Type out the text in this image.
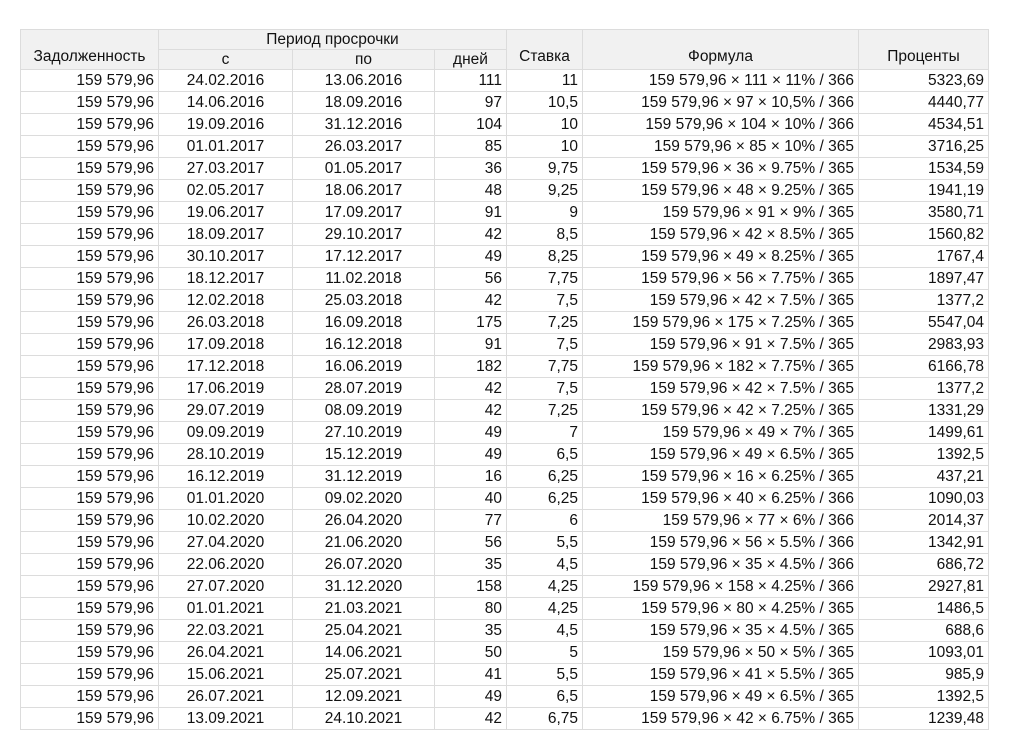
Задолженность	Период просрочки			Ставка	Формула	Проценты
	с	по	дней			
159 579,96	24.02.2016	13.06.2016	111	11	159 579,96 × 111 × 11% / 366	5323,69
159 579,96	14.06.2016	18.09.2016	97	10,5	159 579,96 × 97 × 10,5% / 366	4440,77
159 579,96	19.09.2016	31.12.2016	104	10	159 579,96 × 104 × 10% / 366	4534,51
159 579,96	01.01.2017	26.03.2017	85	10	159 579,96 × 85 × 10% / 365	3716,25
159 579,96	27.03.2017	01.05.2017	36	9,75	159 579,96 × 36 × 9.75% / 365	1534,59
159 579,96	02.05.2017	18.06.2017	48	9,25	159 579,96 × 48 × 9.25% / 365	1941,19
159 579,96	19.06.2017	17.09.2017	91	9	159 579,96 × 91 × 9% / 365	3580,71
159 579,96	18.09.2017	29.10.2017	42	8,5	159 579,96 × 42 × 8.5% / 365	1560,82
159 579,96	30.10.2017	17.12.2017	49	8,25	159 579,96 × 49 × 8.25% / 365	1767,4
159 579,96	18.12.2017	11.02.2018	56	7,75	159 579,96 × 56 × 7.75% / 365	1897,47
159 579,96	12.02.2018	25.03.2018	42	7,5	159 579,96 × 42 × 7.5% / 365	1377,2
159 579,96	26.03.2018	16.09.2018	175	7,25	159 579,96 × 175 × 7.25% / 365	5547,04
159 579,96	17.09.2018	16.12.2018	91	7,5	159 579,96 × 91 × 7.5% / 365	2983,93
159 579,96	17.12.2018	16.06.2019	182	7,75	159 579,96 × 182 × 7.75% / 365	6166,78
159 579,96	17.06.2019	28.07.2019	42	7,5	159 579,96 × 42 × 7.5% / 365	1377,2
159 579,96	29.07.2019	08.09.2019	42	7,25	159 579,96 × 42 × 7.25% / 365	1331,29
159 579,96	09.09.2019	27.10.2019	49	7	159 579,96 × 49 × 7% / 365	1499,61
159 579,96	28.10.2019	15.12.2019	49	6,5	159 579,96 × 49 × 6.5% / 365	1392,5
159 579,96	16.12.2019	31.12.2019	16	6,25	159 579,96 × 16 × 6.25% / 365	437,21
159 579,96	01.01.2020	09.02.2020	40	6,25	159 579,96 × 40 × 6.25% / 366	1090,03
159 579,96	10.02.2020	26.04.2020	77	6	159 579,96 × 77 × 6% / 366	2014,37
159 579,96	27.04.2020	21.06.2020	56	5,5	159 579,96 × 56 × 5.5% / 366	1342,91
159 579,96	22.06.2020	26.07.2020	35	4,5	159 579,96 × 35 × 4.5% / 366	686,72
159 579,96	27.07.2020	31.12.2020	158	4,25	159 579,96 × 158 × 4.25% / 366	2927,81
159 579,96	01.01.2021	21.03.2021	80	4,25	159 579,96 × 80 × 4.25% / 365	1486,5
159 579,96	22.03.2021	25.04.2021	35	4,5	159 579,96 × 35 × 4.5% / 365	688,6
159 579,96	26.04.2021	14.06.2021	50	5	159 579,96 × 50 × 5% / 365	1093,01
159 579,96	15.06.2021	25.07.2021	41	5,5	159 579,96 × 41 × 5.5% / 365	985,9
159 579,96	26.07.2021	12.09.2021	49	6,5	159 579,96 × 49 × 6.5% / 365	1392,5
159 579,96	13.09.2021	24.10.2021	42	6,75	159 579,96 × 42 × 6.75% / 365	1239,48
